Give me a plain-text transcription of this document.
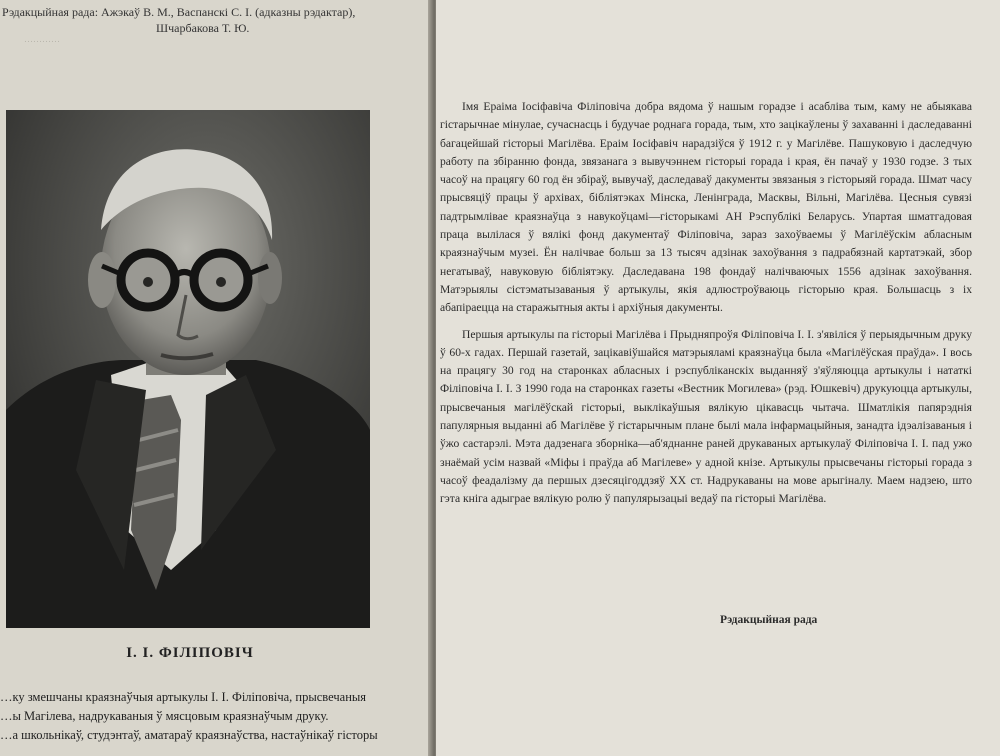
Рэдакцыйная рада: Ажэкаў В. М., Васпанскі С. І. (адказны рэдактар),

Шчарбакова Т. Ю.

…………
І. І. ФІЛІПОВІЧ

…ку змешчаны краязнаўчыя артыкулы І. І. Філіповіча, прысвечаныя

…ы Магілева, надрукаваныя ў мясцовым краязнаўчым друку.

…а школьнікаў, студэнтаў, аматараў краязнаўства, настаўнікаў гісторы

Імя Ераіма Іосіфавіча Філіповіча добра вядома ў нашым горадзе і асабліва тым, каму не абыякава гістарычнае мінулае, сучаснасць і будучае роднага горада, тым, хто зацікаўлены ў захаванні і даследаванні багацейшай гісторыі Магілёва. Ераім Іосіфавіч нарадзіўся ў 1912 г. у Магілёве. Пашуковую і даследчую работу па збіранню фонда, звязанага з вывучэннем гісторыі горада і края, ён пачаў у 1930 годзе. З тых часоў на працягу 60 год ён збіраў, вывучаў, даследаваў дакументы звязаныя з гісторыяй горада. Шмат часу прысвяціў працы ў архівах, бібліятэках Мінска, Ленінграда, Масквы, Вільні, Магілёва. Цесныя сувязі падтрымлівае краязнаўца з навукоўцамі—гісторыкамі АН Рэспублікі Беларусь. Упартая шматгадовая праца вылілася ў вялікі фонд дакументаў Філіповіча, зараз захоўваемы ў Магілёўскім абласным краязнаўчым музеі. Ён налічвае больш за 13 тысяч адзінак захоўвання з падрабязнай картатэкай, збор негатываў, навуковую бібліятэку. Даследавана 198 фондаў налічваючых 1556 адзінак захоўвання. Матэрыялы сістэматызаваныя ў артыкулы, якія адлюстроўваюць гісторыю края. Большасць з іх абапіраецца на старажытныя акты і архіўныя дакументы.

Першыя артыкулы па гісторыі Магілёва і Прыдняпроўя Філіповіча І. І. з'явіліся ў перыядычным друку ў 60-х гадах. Першай газетай, зацікавіўшайся матэрыяламі краязнаўца была «Магілёўская праўда». І вось на працягу 30 год на старонках абласных і рэспубліканскіх выданняў з'яўляюцца артыкулы і нататкі Філіповіча І. І. З 1990 года на старонках газеты «Вестник Могилева» (рэд. Юшкевіч) друкуюцца артыкулы, прысвечаныя магілёўскай гісторыі, выклікаўшыя вялікую цікавасць чытача. Шматлікія папярэднія папулярныя выданні аб Магілёве ў гістарычным плане былі мала інфармацыйныя, занадта ідэалізаваныя і ўжо састарэлі. Мэта дадзенага зборніка—аб'яднанне раней друкаваных артыкулаў Філіповіча І. І. пад ужо знаёмай усім назвай «Міфы і праўда аб Магілеве» у адной кнізе. Артыкулы прысвечаны гісторыі горада з часоў феадалізму да першых дзесяцігоддзяў XX ст. Надрукаваны на мове арыгіналу. Маем надзею, што гэта кніга адыграе вялікую ролю ў папулярызацыі ведаў па гісторыі Магілёва.

Рэдакцыйная рада
